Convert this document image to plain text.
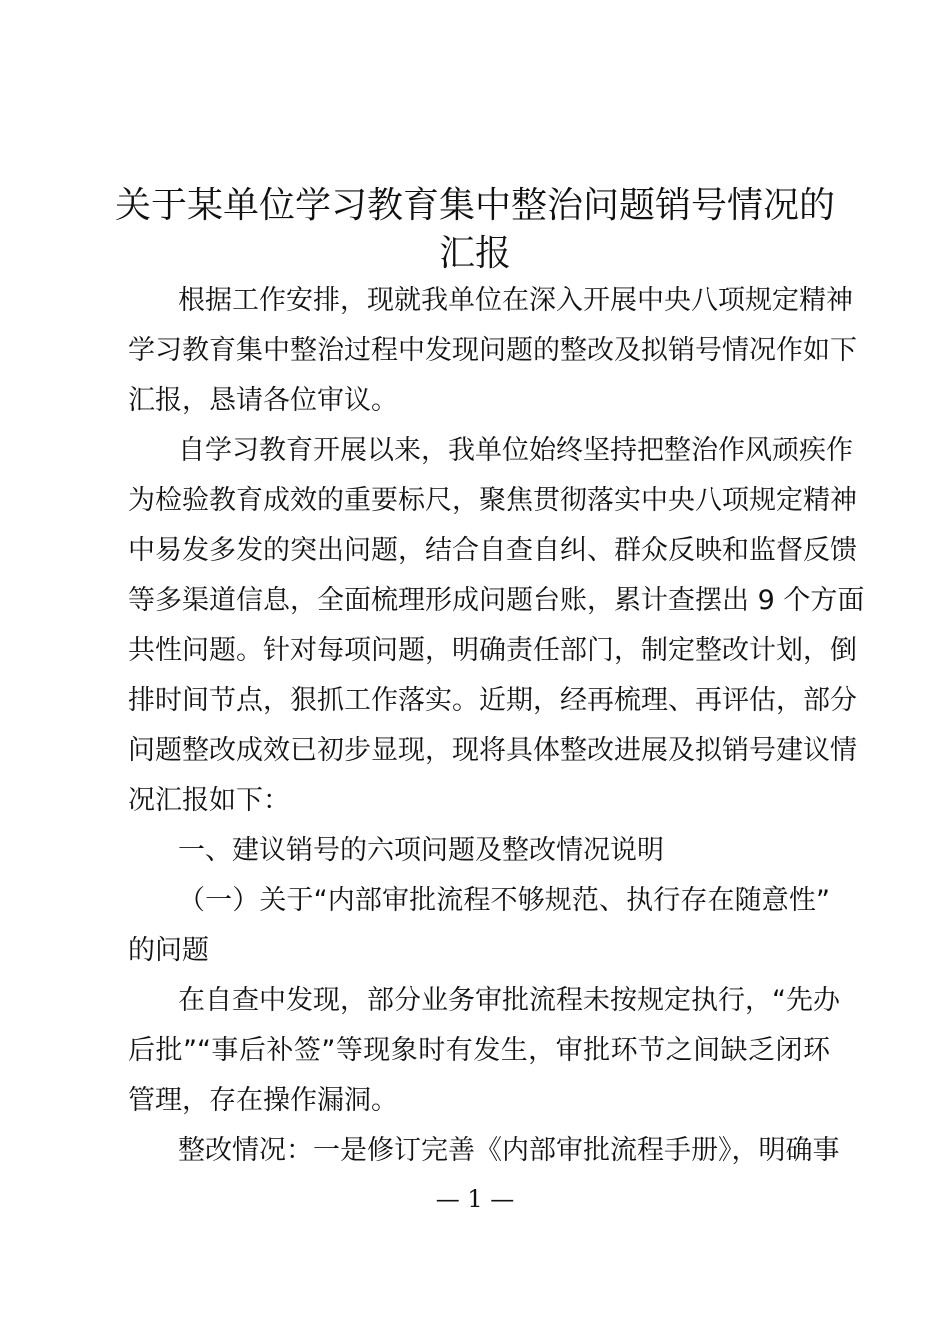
关于某单位学习教育集中整治问题销号情况的
汇报
根据工作安排，现就我单位在深入开展中央八项规定精神
学习教育集中整治过程中发现问题的整改及拟销号情况作如下
汇报，恳请各位审议。
自学习教育开展以来，我单位始终坚持把整治作风顽疾作
为检验教育成效的重要标尺，聚焦贯彻落实中央八项规定精神
中易发多发的突出问题，结合自查自纠、群众反映和监督反馈
等多渠道信息，全面梳理形成问题台账，累计查摆出 9 个方面
共性问题。针对每项问题，明确责任部门，制定整改计划，倒
排时间节点，狠抓工作落实。近期，经再梳理、再评估，部分
问题整改成效已初步显现，现将具体整改进展及拟销号建议情
况汇报如下：
一、建议销号的六项问题及整改情况说明
（一）关于“内部审批流程不够规范、执行存在随意性”
的问题
在自查中发现，部分业务审批流程未按规定执行，“先办
后批”“事后补签”等现象时有发生，审批环节之间缺乏闭环
管理，存在操作漏洞。
整改情况：一是修订完善《内部审批流程手册》，明确事
— 1 —
